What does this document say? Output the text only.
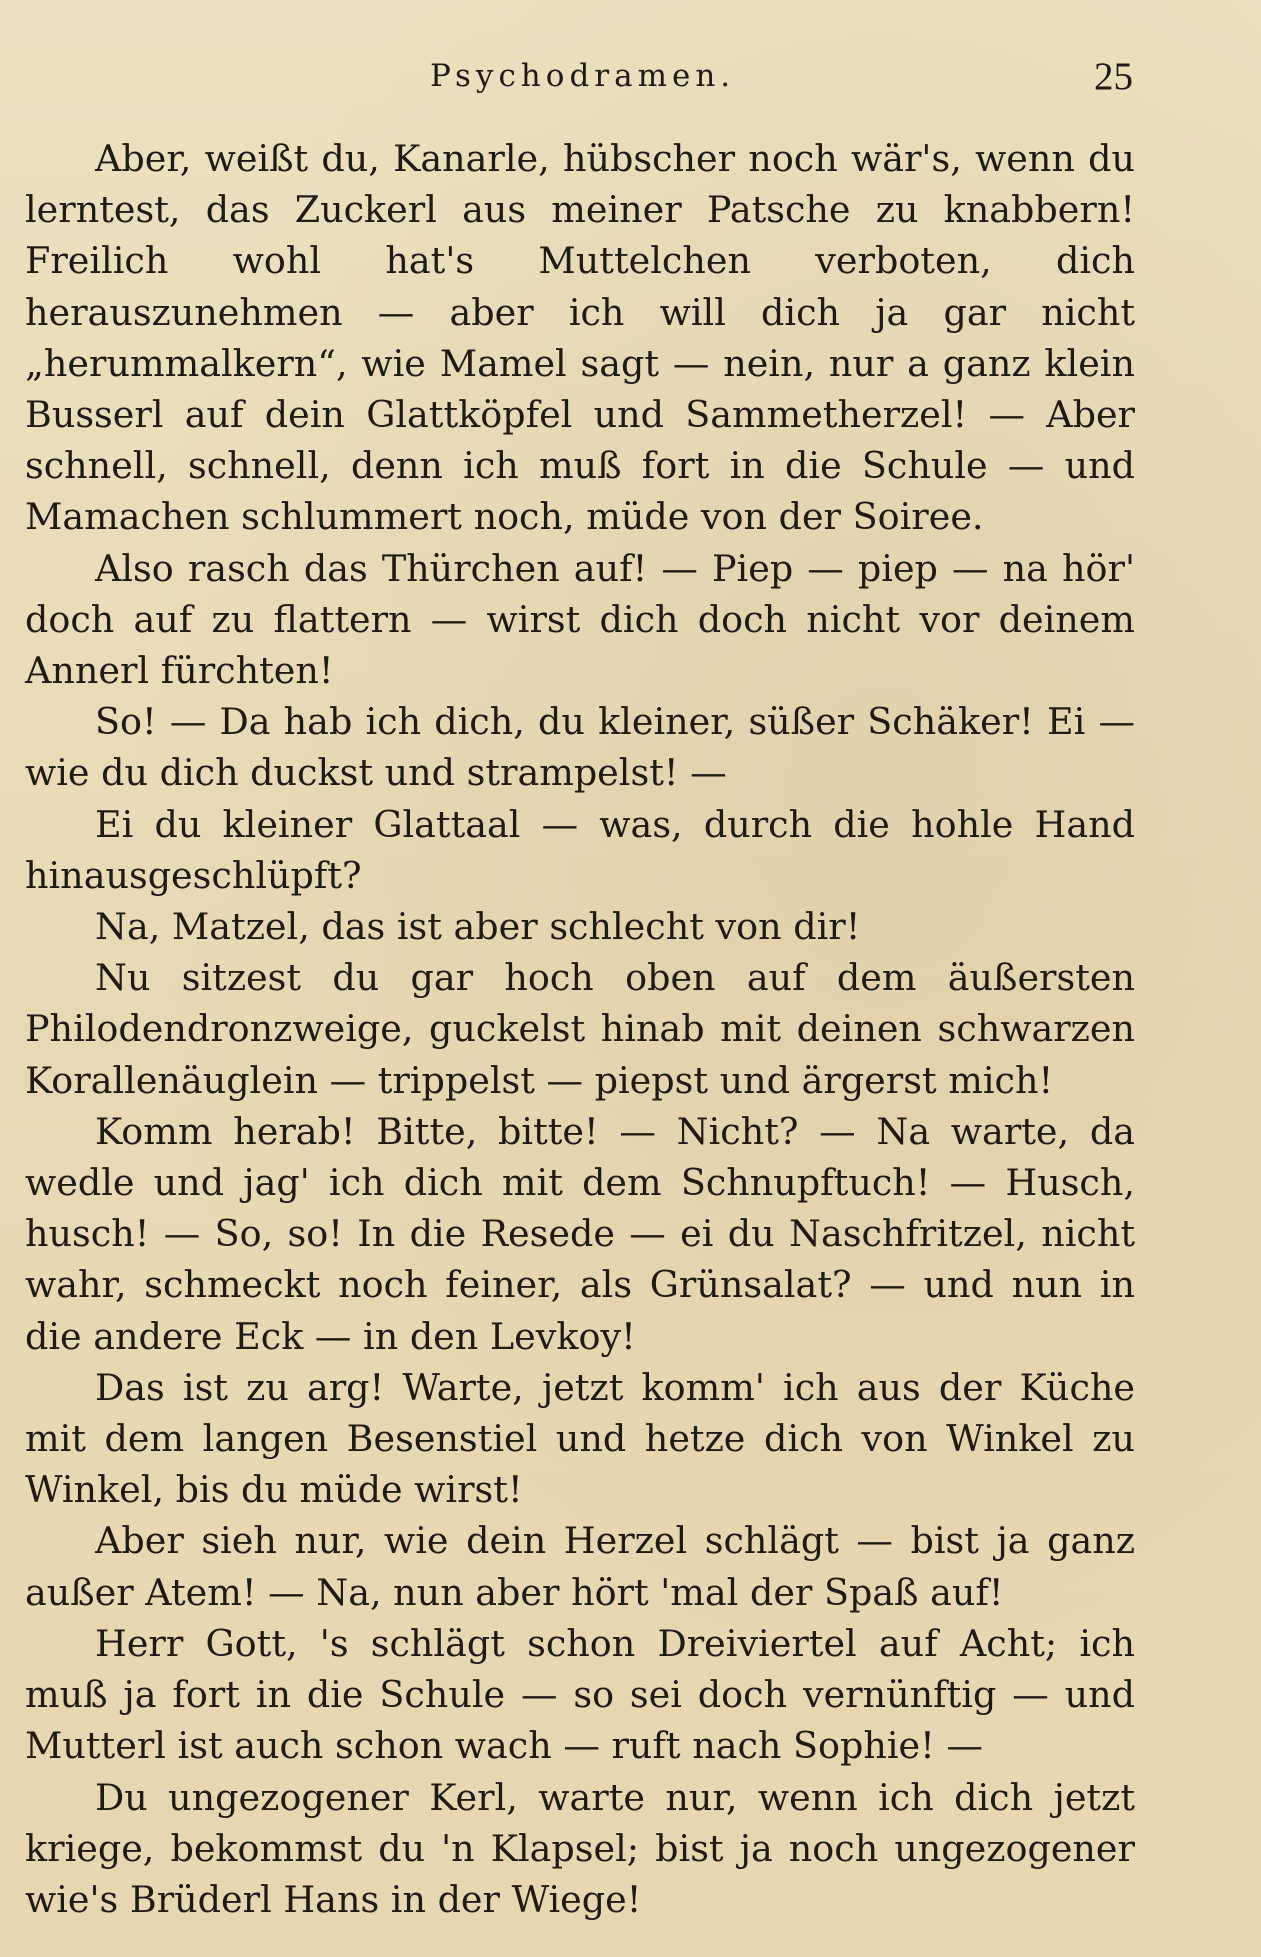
Psychodramen.	25

Aber, weißt du, Kanarle, hübscher noch wär's, wenn du lerntest, das Zuckerl aus meiner Patsche zu knabbern! Freilich wohl hat's Muttelchen verboten, dich herauszunehmen — aber ich will dich ja gar nicht „herummalkern“, wie Mamel sagt — nein, nur a ganz klein Busserl auf dein Glattköpfel und Sammetherzel! — Aber schnell, schnell, denn ich muß fort in die Schule — und Mamachen schlummert noch, müde von der Soiree.

Also rasch das Thürchen auf! — Piep — piep — na hör' doch auf zu flattern — wirst dich doch nicht vor deinem Annerl fürchten!

So! — Da hab ich dich, du kleiner, süßer Schäker! Ei — wie du dich duckst und strampelst! —

Ei du kleiner Glattaal — was, durch die hohle Hand hinausgeschlüpft?

Na, Matzel, das ist aber schlecht von dir!

Nu sitzest du gar hoch oben auf dem äußersten Philodendronzweige, guckelst hinab mit deinen schwarzen Korallenäuglein — trippelst — piepst und ärgerst mich!

Komm herab! Bitte, bitte! — Nicht? — Na warte, da wedle und jag' ich dich mit dem Schnupftuch! — Husch, husch! — So, so! In die Resede — ei du Naschfritzel, nicht wahr, schmeckt noch feiner, als Grünsalat? — und nun in die andere Eck — in den Levkoy!

Das ist zu arg! Warte, jetzt komm' ich aus der Küche mit dem langen Besenstiel und hetze dich von Winkel zu Winkel, bis du müde wirst!

Aber sieh nur, wie dein Herzel schlägt — bist ja ganz außer Atem! — Na, nun aber hört 'mal der Spaß auf!

Herr Gott, 's schlägt schon Dreiviertel auf Acht; ich muß ja fort in die Schule — so sei doch vernünftig — und Mutterl ist auch schon wach — ruft nach Sophie! —

Du ungezogener Kerl, warte nur, wenn ich dich jetzt kriege, bekommst du 'n Klapsel; bist ja noch ungezogener wie's Brüderl Hans in der Wiege!
